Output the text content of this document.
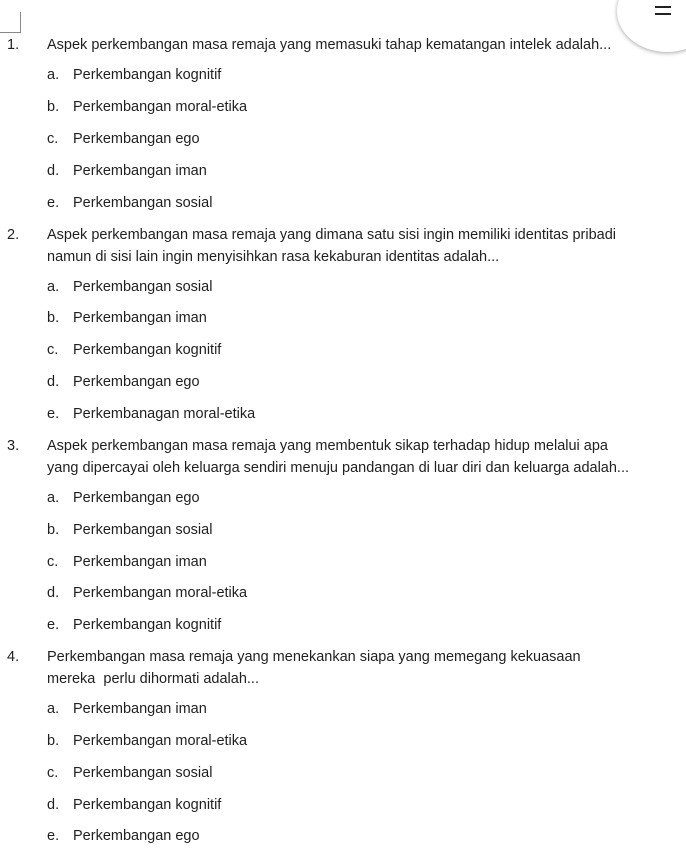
1. Aspek perkembangan masa remaja yang memasuki tahap kematangan intelek adalah...
a. Perkembangan kognitif
b. Perkembangan moral-etika
c. Perkembangan ego
d. Perkembangan iman
e. Perkembangan sosial
2. Aspek perkembangan masa remaja yang dimana satu sisi ingin memiliki identitas pribadi
namun di sisi lain ingin menyisihkan rasa kekaburan identitas adalah...
a. Perkembangan sosial
b. Perkembangan iman
c. Perkembangan kognitif
d. Perkembangan ego
e. Perkembanagan moral-etika
3. Aspek perkembangan masa remaja yang membentuk sikap terhadap hidup melalui apa
yang dipercayai oleh keluarga sendiri menuju pandangan di luar diri dan keluarga adalah...
a. Perkembangan ego
b. Perkembangan sosial
c. Perkembangan iman
d. Perkembangan moral-etika
e. Perkembangan kognitif
4. Perkembangan masa remaja yang menekankan siapa yang memegang kekuasaan
mereka  perlu dihormati adalah...
a. Perkembangan iman
b. Perkembangan moral-etika
c. Perkembangan sosial
d. Perkembangan kognitif
e. Perkembangan ego
